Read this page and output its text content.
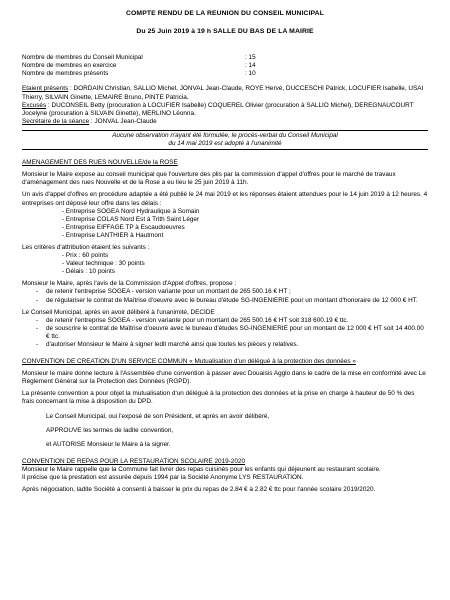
COMPTE RENDU DE LA REUNION DU CONSEIL MUNICIPAL
Du 25 Juin 2019 à 19 h SALLE DU BAS DE LA MAIRIE
Nombre de membres du Conseil Municipal	: 15
Nombre de membres en exercice	: 14
Nombre de membres présents	: 10

Etaient présents : DORDAIN Christian, SALLIO Michel, JONVAL Jean-Claude, ROYE Hervé, DUCCESCHI Patrick, LOCUFIER Isabelle, USAI Thierry, SILVAIN Ginette, LEMAIRE Bruno, PINTE Patricia.

Excusés : DUCONSEIL Betty (procuration à LOCUFIER Isabelle) COQUEREL Olivier (procuration à SALLIO Michel), DEREGNAUCOURT Jocelyne (procuration à SILVAIN Ginette), MERLINO Léonna.

Secrétaire de la séance : JONVAL Jean-Claude

Aucune observation n'ayant été formulée, le procès-verbal du Conseil Municipal
du 14 mai 2019 est adopté à l'unanimité
AMENAGEMENT DES RUES NOUVELLE/de la ROSE

Monsieur le Maire expose au conseil municipal que l'ouverture des plis par la commission d'appel d'offres pour le marché de travaux d'aménagement des rues Nouvelle et de la Rose a eu lieu le 25 juin 2019 à 11h.

Un avis d'appel d'offres en procédure adaptée a été publié le 24 mai 2019 et les réponses étaient attendues pour le 14 juin 2019 à 12 heures. 4 entreprises ont déposé leur offre dans les délais :

- Entreprise SOGEA Nord Hydraulique à Somain
- Entreprise COLAS Nord Est à Trith Saint Léger
- Entreprise EIFFAGE TP à Escaudoeuvres
- Entreprise LANTHIER à Hautmont

Les critères d'attribution étaient les suivants :

- Prix : 60 points
- Valeur technique : 30 points
- Délais : 10 points

Monsieur le Maire, après l'avis de la Commission d'Appel d'offres, propose :

- de retenir l'entreprise SOGEA - version variante pour un montant de 265 500.16 € HT ;
- de régulariser le contrat de Maîtrise d'oeuvre avec le bureau d'étude SG-INGENIERIE pour un montant d'honoraire de 12 000 € HT.

Le Conseil Municipal, après en avoir délibéré à l'unanimité, DECIDE

- de retenir l'entreprise SOGEA - version variante pour un montant de 265 500.16 € HT soit 318 600.19 € ttc.
- de souscrire le contrat de Maîtrise d'oeuvre avec le bureau d'études SG-INGENIERIE pour un montant de 12 000 € HT soit 14 400.00 € ttc.
- d'autoriser Monsieur le Maire à signer ledit marché ainsi que toutes les pièces y relatives.
CONVENTION DE CREATION D'UN SERVICE COMMUN « Mutualisation d'un délégué à la protection des données »

Monsieur le maire donne lecture à l'Assemblée d'une convention à passer avec Douaisis Agglo dans le cadre de la mise en conformité avec Le Règlement Général sur la Protection des Données (RGPD).

La présente convention a pour objet la mutualisation d'un délégué à la protection des données et la prise en charge à hauteur de 50 % des frais concernant la mise à disposition du DPD.

Le Conseil Municipal, oui l'exposé de son Président, et après en avoir délibéré,

APPROUVE les termes de ladite convention,

et AUTORISE Monsieur le Maire à la signer.

CONVENTION DE REPAS POUR LA RESTAURATION SCOLAIRE 2019-2020

Monsieur le Maire rappelle que la Commune fait livrer des repas cuisinés pour les enfants qui déjeunent au restaurant scolaire.

Il précise que la prestation est assurée depuis 1994 par la Société Anonyme LYS RESTAURATION.

Après négociation, ladite Société a consenti à baisser le prix du repas de 2.84 € à 2.82 € ttc pour l'année scolaire 2019/2020.
